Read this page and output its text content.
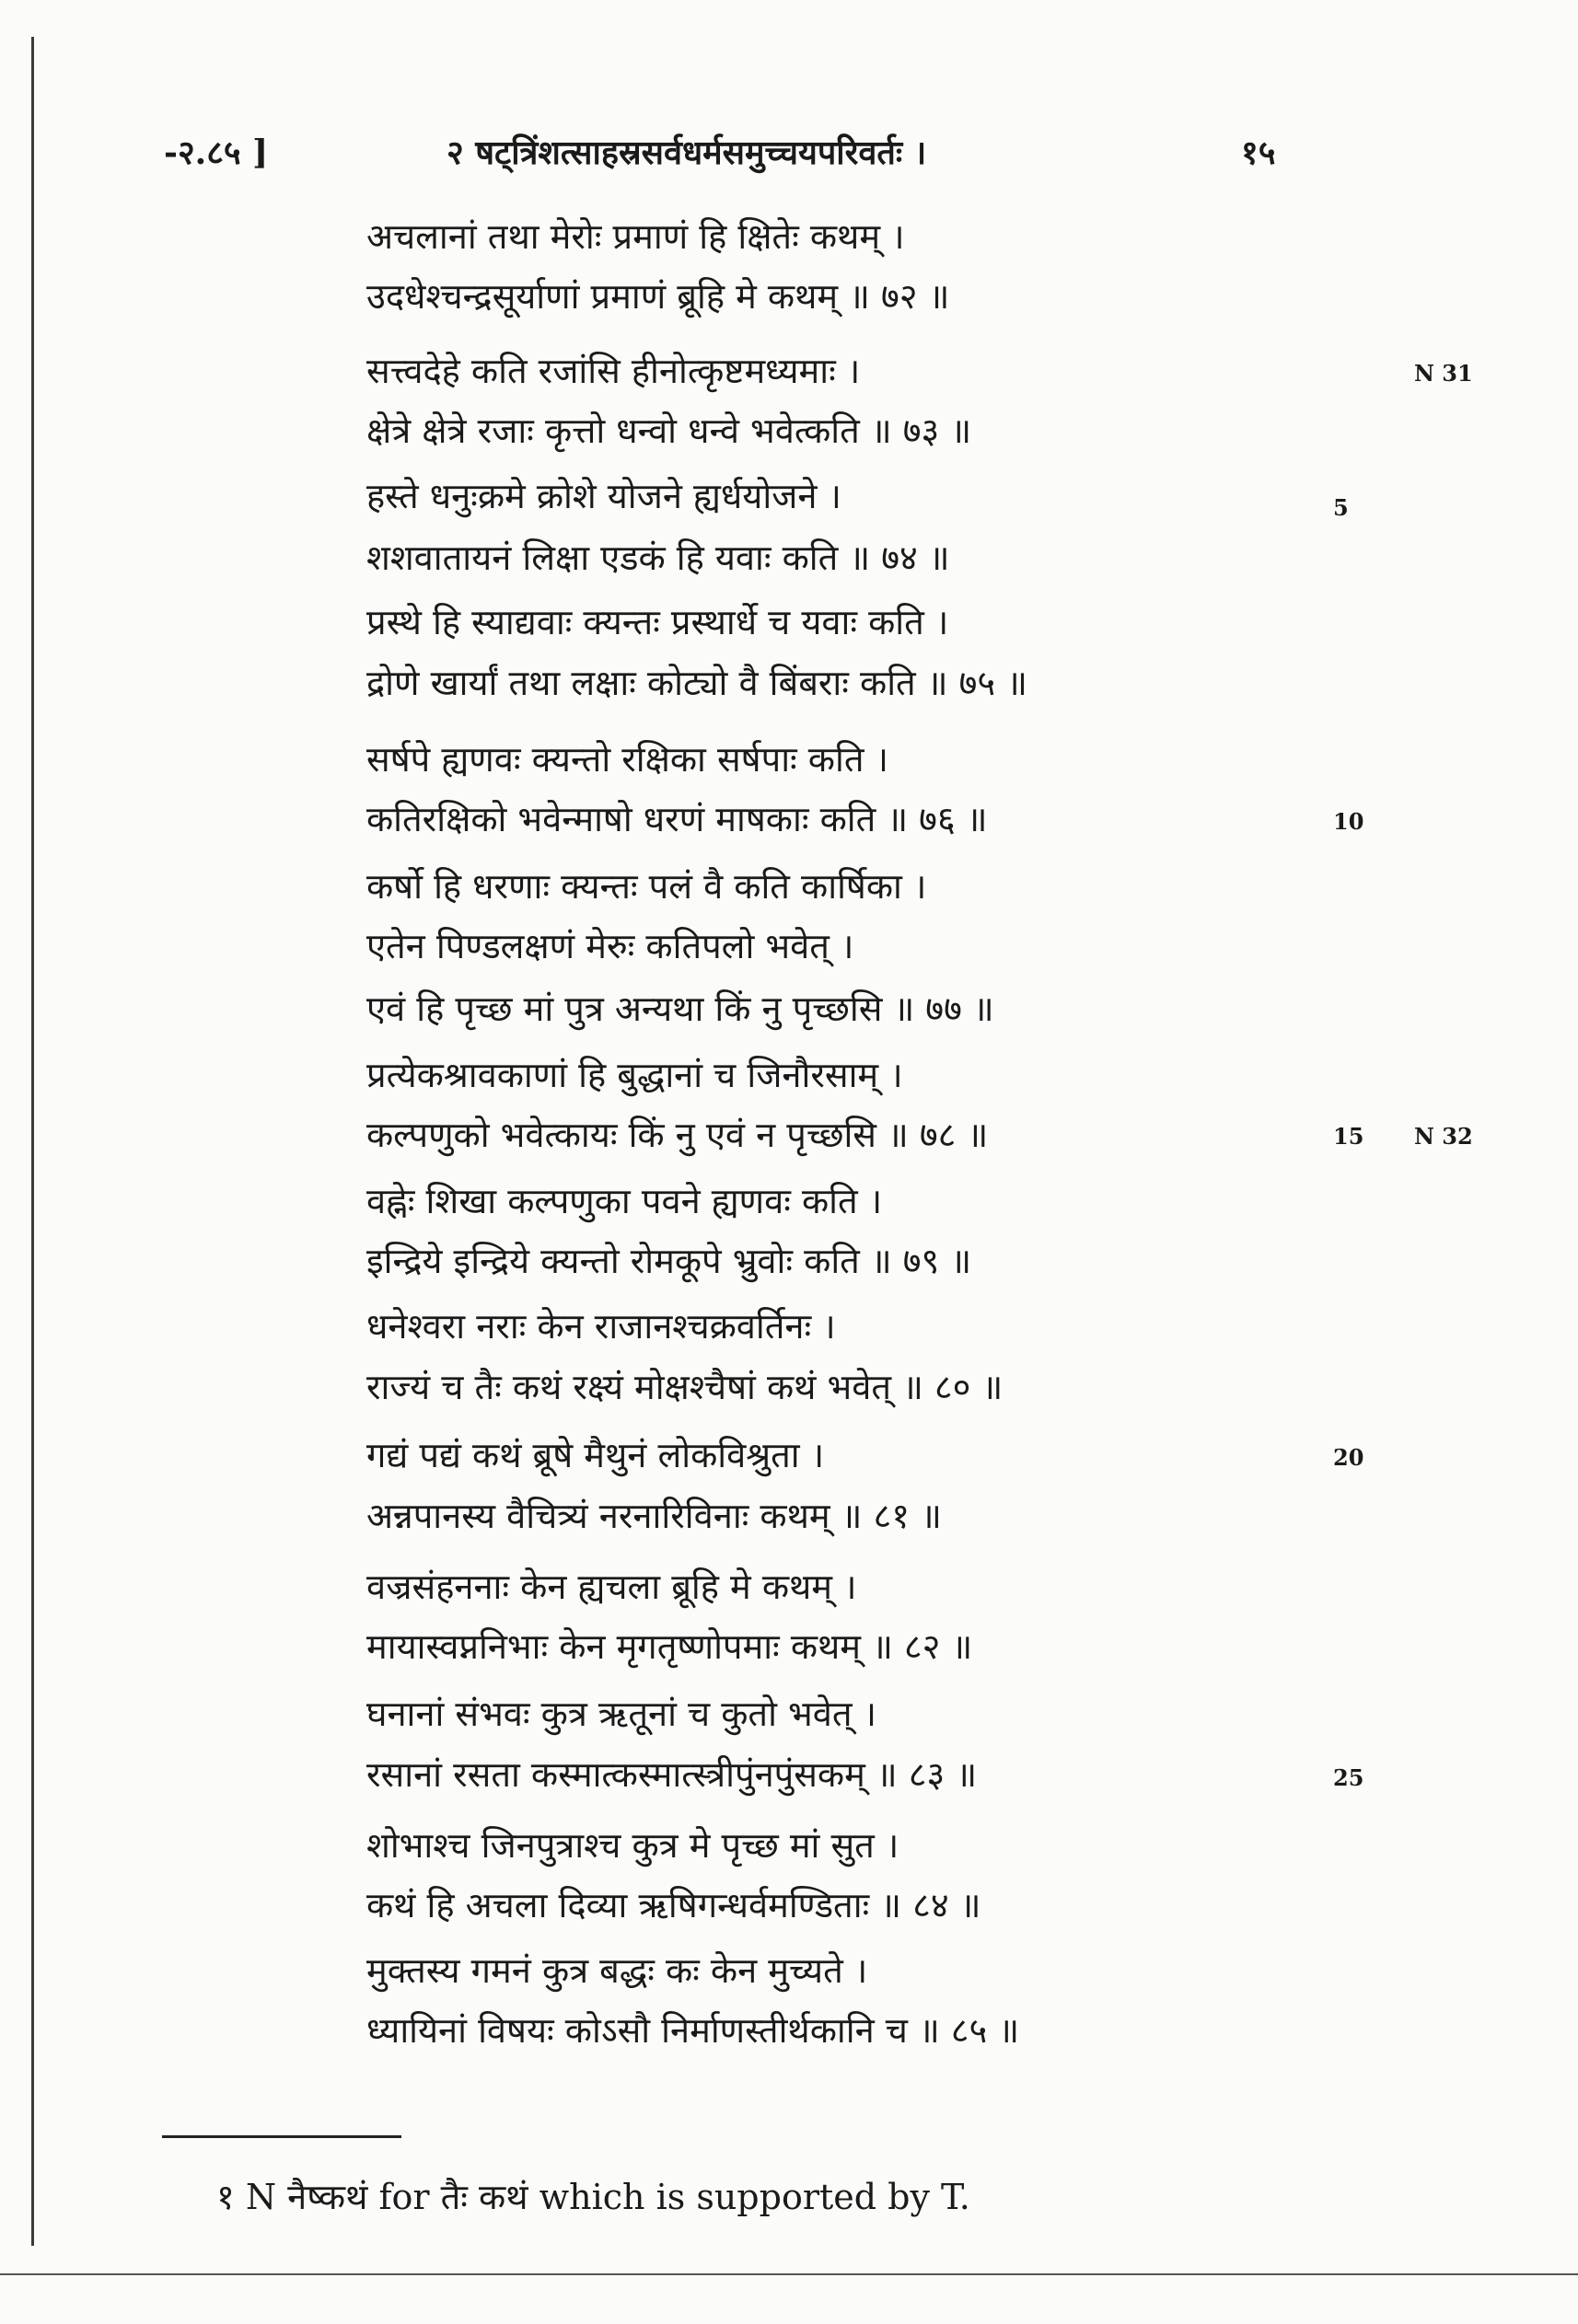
-२.८५ ]	२ षट्त्रिंशत्साहस्रसर्वधर्मसमुच्चयपरिवर्तः ।	१५
अचलानां तथा मेरोः प्रमाणं हि क्षितेः कथम् ।
उदधेश्चन्द्रसूर्याणां प्रमाणं ब्रूहि मे कथम् ॥ ७२ ॥
सत्त्वदेहे कति रजांसि हीनोत्कृष्टमध्यमाः ।
क्षेत्रे क्षेत्रे रजाः कृत्तो धन्वो धन्वे भवेत्कति ॥ ७३ ॥
हस्ते धनुःक्रमे क्रोशे योजने ह्यर्धयोजने ।
शशवातायनं लिक्षा एडकं हि यवाः कति ॥ ७४ ॥
प्रस्थे हि स्याद्यवाः क्यन्तः प्रस्थार्धे च यवाः कति ।
द्रोणे खार्यां तथा लक्षाः कोट्यो वै बिंबराः कति ॥ ७५ ॥
सर्षपे ह्यणवः क्यन्तो रक्षिका सर्षपाः कति ।
कतिरक्षिको भवेन्माषो धरणं माषकाः कति ॥ ७६ ॥
कर्षो हि धरणाः क्यन्तः पलं वै कति कार्षिका ।
एतेन पिण्डलक्षणं मेरुः कतिपलो भवेत् ।
एवं हि पृच्छ मां पुत्र अन्यथा किं नु पृच्छसि ॥ ७७ ॥
प्रत्येकश्रावकाणां हि बुद्धानां च जिनौरसाम् ।
कल्पणुको भवेत्कायः किं नु एवं न पृच्छसि ॥ ७८ ॥
वह्नेः शिखा कल्पणुका पवने ह्यणवः कति ।
इन्द्रिये इन्द्रिये क्यन्तो रोमकूपे भ्रुवोः कति ॥ ७९ ॥
धनेश्वरा नराः केन राजानश्चक्रवर्तिनः ।
राज्यं च तैः कथं रक्ष्यं मोक्षश्चैषां कथं भवेत् ॥ ८० ॥
गद्यं पद्यं कथं ब्रूषे मैथुनं लोकविश्रुता ।
अन्नपानस्य वैचित्र्यं नरनारिविनाः कथम् ॥ ८१ ॥
वज्रसंहननाः केन ह्यचला ब्रूहि मे कथम् ।
मायास्वप्ननिभाः केन मृगतृष्णोपमाः कथम् ॥ ८२ ॥
घनानां संभवः कुत्र ऋतूनां च कुतो भवेत् ।
रसानां रसता कस्मात्कस्मात्स्त्रीपुंनपुंसकम् ॥ ८३ ॥
शोभाश्च जिनपुत्राश्च कुत्र मे पृच्छ मां सुत ।
कथं हि अचला दिव्या ऋषिगन्धर्वमण्डिताः ॥ ८४ ॥
मुक्तस्य गमनं कुत्र बद्धः कः केन मुच्यते ।
ध्यायिनां विषयः कोऽसौ निर्माणस्तीर्थकानि च ॥ ८५ ॥
5
10
15
20
25
N 31
N 32
१ N नैष्कथं for तैः कथं which is supported by T.
